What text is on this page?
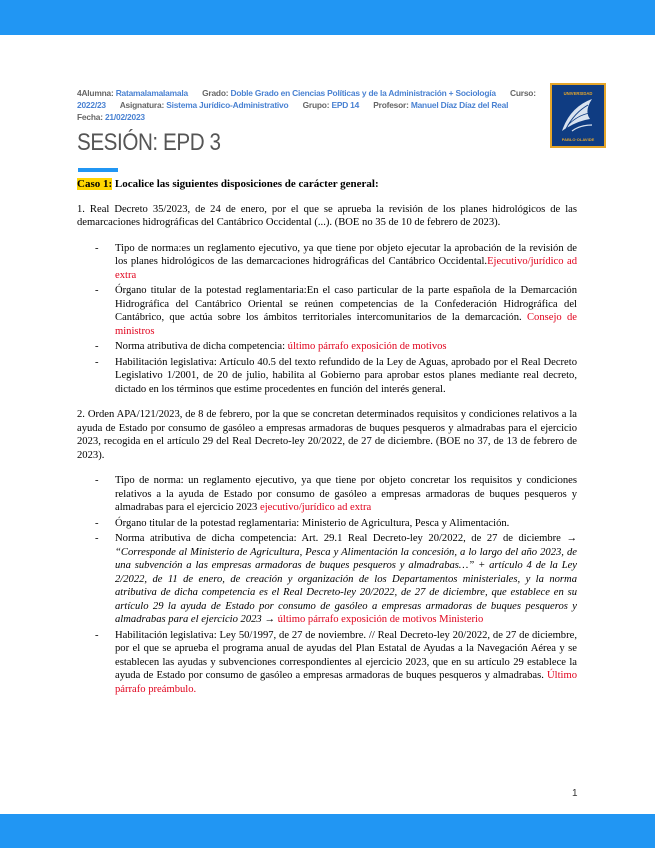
4Alumna: Ratamalamalamala Grado: Doble Grado en Ciencias Políticas y de la Administración + Sociología Curso: 2022/23 Asignatura: Sistema Jurídico-Administrativo Grupo: EPD 14 Profesor: Manuel Díaz Díaz del Real
Fecha: 21/02/2023
SESIÓN: EPD 3
UNIVERSIDAD
PABLO·OLAVIDE

Caso 1: Localice las siguientes disposiciones de carácter general:

1. Real Decreto 35/2023, de 24 de enero, por el que se aprueba la revisión de los planes hidrológicos de las demarcaciones hidrográficas del Cantábrico Occidental (...). (BOE no 35 de 10 de febrero de 2023).

- Tipo de norma:es un reglamento ejecutivo, ya que tiene por objeto ejecutar la aprobación de la revisión de los planes hidrológicos de las demarcaciones hidrográficas del Cantábrico Occidental.Ejecutivo/jurídico ad extra
- Órgano titular de la potestad reglamentaria:En el caso particular de la parte española de la Demarcación Hidrográfica del Cantábrico Oriental se reúnen competencias de la Confederación Hidrográfica del Cantábrico, que actúa sobre los ámbitos territoriales intercomunitarios de la demarcación. Consejo de ministros
- Norma atributiva de dicha competencia: último párrafo exposición de motivos
- Habilitación legislativa: Artículo 40.5 del texto refundido de la Ley de Aguas, aprobado por el Real Decreto Legislativo 1/2001, de 20 de julio, habilita al Gobierno para aprobar estos planes mediante real decreto, dictado en los términos que estime procedentes en función del interés general.

2. Orden APA/121/2023, de 8 de febrero, por la que se concretan determinados requisitos y condiciones relativos a la ayuda de Estado por consumo de gasóleo a empresas armadoras de buques pesqueros y almadrabas para el ejercicio 2023, recogida en el artículo 29 del Real Decreto-ley 20/2022, de 27 de diciembre. (BOE no 37, de 13 de febrero de 2023).

- Tipo de norma: un reglamento ejecutivo, ya que tiene por objeto concretar los requisitos y condiciones relativos a la ayuda de Estado por consumo de gasóleo a empresas armadoras de buques pesqueros y almadrabas para el ejercicio 2023 ejecutivo/jurídico ad extra
- Órgano titular de la potestad reglamentaria: Ministerio de Agricultura, Pesca y Alimentación.
- Norma atributiva de dicha competencia: Art. 29.1 Real Decreto-ley 20/2022, de 27 de diciembre → “Corresponde al Ministerio de Agricultura, Pesca y Alimentación la concesión, a lo largo del año 2023, de una subvención a las empresas armadoras de buques pesqueros y almadrabas…” + artículo 4 de la Ley 2/2022, de 11 de enero, de creación y organización de los Departamentos ministeriales, y la norma atributiva de dicha competencia es el Real Decreto-ley 20/2022, de 27 de diciembre, que establece en su artículo 29 la ayuda de Estado por consumo de gasóleo a empresas armadoras de buques pesqueros y almadrabas para el ejercicio 2023 → último párrafo exposición de motivos Ministerio
- Habilitación legislativa: Ley 50/1997, de 27 de noviembre. // Real Decreto-ley 20/2022, de 27 de diciembre, por el que se aprueba el programa anual de ayudas del Plan Estatal de Ayudas a la Navegación Aérea y se establecen las ayudas y subvenciones correspondientes al ejercicio 2023, que en su artículo 29 establece la ayuda de Estado por consumo de gasóleo a empresas armadoras de buques pesqueros y almadrabas. Último párrafo preámbulo.
1
